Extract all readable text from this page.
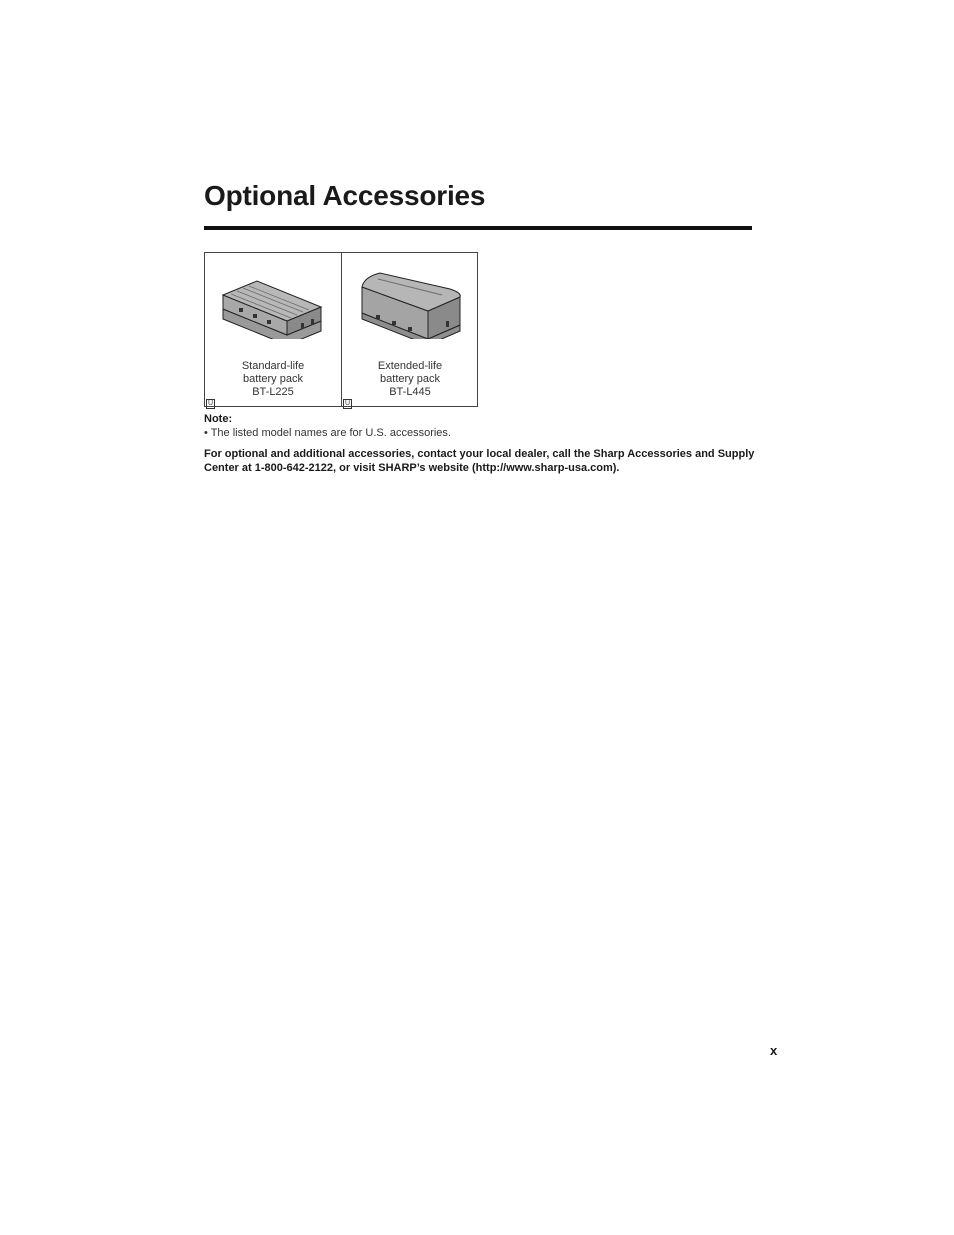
Optional Accessories
Standard-life
battery pack
BT-L225
U
Extended-life
battery pack
BT-L445
U
Note:
• The listed model names are for U.S. accessories.

For optional and additional accessories, contact your local dealer, call the Sharp Accessories and Supply Center at 1-800-642-2122, or visit SHARP’s website (http://www.sharp-usa.com).

x
